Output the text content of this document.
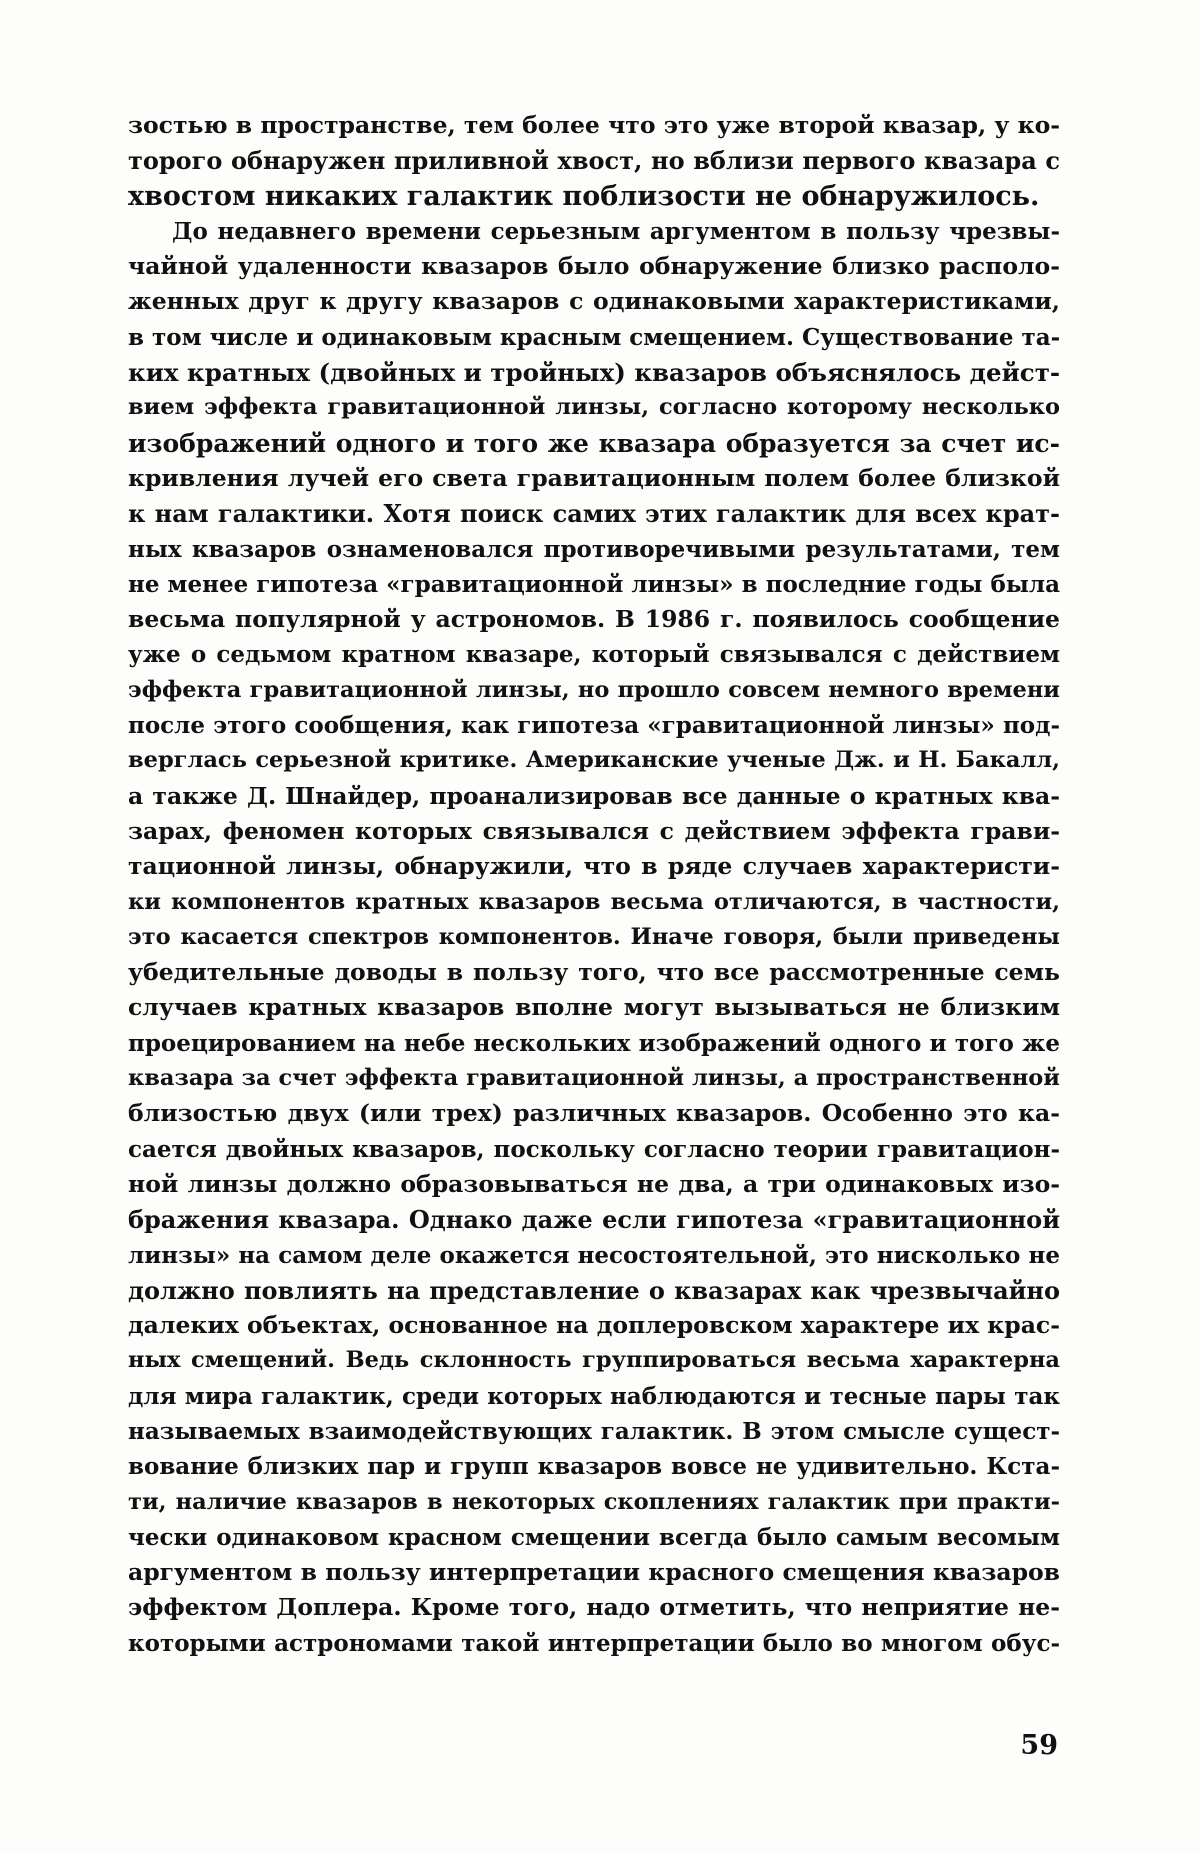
зостью в пространстве, тем более что это уже второй квазар, у ко-
торого обнаружен приливной хвост, но вблизи первого квазара с
хвостом никаких галактик поблизости не обнаружилось.
До недавнего времени серьезным аргументом в пользу чрезвы-
чайной удаленности квазаров было обнаружение близко располо-
женных друг к другу квазаров с одинаковыми характеристиками,
в том числе и одинаковым красным смещением. Существование та-
ких кратных (двойных и тройных) квазаров объяснялось дейст-
вием эффекта гравитационной линзы, согласно которому несколько
изображений одного и того же квазара образуется за счет ис-
кривления лучей его света гравитационным полем более близкой
к нам галактики. Хотя поиск самих этих галактик для всех крат-
ных квазаров ознаменовался противоречивыми результатами, тем
не менее гипотеза «гравитационной линзы» в последние годы была
весьма популярной у астрономов. В 1986 г. появилось сообщение
уже о седьмом кратном квазаре, который связывался с действием
эффекта гравитационной линзы, но прошло совсем немного времени
после этого сообщения, как гипотеза «гравитационной линзы» под-
верглась серьезной критике. Американские ученые Дж. и Н. Бакалл,
а также Д. Шнайдер, проанализировав все данные о кратных ква-
зарах, феномен которых связывался с действием эффекта грави-
тационной линзы, обнаружили, что в ряде случаев характеристи-
ки компонентов кратных квазаров весьма отличаются, в частности,
это касается спектров компонентов. Иначе говоря, были приведены
убедительные доводы в пользу того, что все рассмотренные семь
случаев кратных квазаров вполне могут вызываться не близким
проецированием на небе нескольких изображений одного и того же
квазара за счет эффекта гравитационной линзы, а пространственной
близостью двух (или трех) различных квазаров. Особенно это ка-
сается двойных квазаров, поскольку согласно теории гравитацион-
ной линзы должно образовываться не два, а три одинаковых изо-
бражения квазара. Однако даже если гипотеза «гравитационной
линзы» на самом деле окажется несостоятельной, это нисколько не
должно повлиять на представление о квазарах как чрезвычайно
далеких объектах, основанное на доплеровском характере их крас-
ных смещений. Ведь склонность группироваться весьма характерна
для мира галактик, среди которых наблюдаются и тесные пары так
называемых взаимодействующих галактик. В этом смысле сущест-
вование близких пар и групп квазаров вовсе не удивительно. Кста-
ти, наличие квазаров в некоторых скоплениях галактик при практи-
чески одинаковом красном смещении всегда было самым весомым
аргументом в пользу интерпретации красного смещения квазаров
эффектом Доплера. Кроме того, надо отметить, что неприятие не-
которыми астрономами такой интерпретации было во многом обус-
59
